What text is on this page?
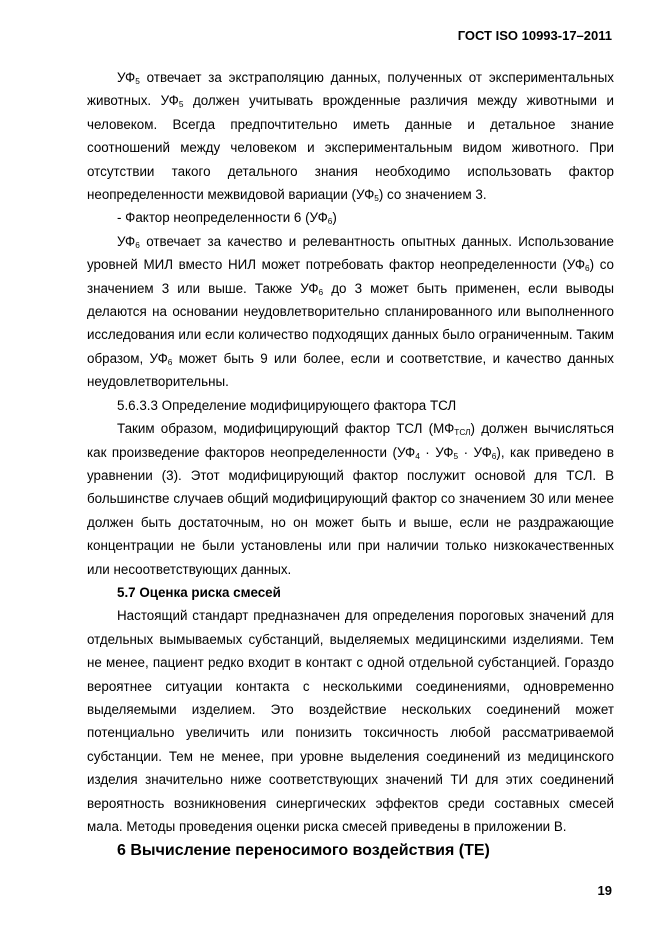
ГОСТ ISO 10993-17–2011

$УФ_5$ отвечает за экстраполяцию данных, полученных от экспериментальных животных. $УФ_5$ должен учитывать врожденные различия между животными и человеком. Всегда предпочтительно иметь данные и детальное знание соотношений между человеком и экспериментальным видом животного. При отсутствии такого детального знания необходимо использовать фактор неопределенности межвидовой вариации $(УФ_5)$ со значением 3.

- Фактор неопределенности 6 $(УФ_6)$

$УФ_6$ отвечает за качество и релевантность опытных данных. Использование уровней МИЛ вместо НИЛ может потребовать фактор неопределенности $(УФ_6)$ со значением 3 или выше. Также $УФ_6$ до 3 может быть применен, если выводы делаются на основании неудовлетворительно спланированного или выполненного исследования или если количество подходящих данных было ограниченным. Таким образом, $УФ_6$ может быть 9 или более, если и соответствие, и качество данных неудовлетворительны.

5.6.3.3 Определение модифицирующего фактора ТСЛ

Таким образом, модифицирующий фактор ТСЛ $(МФ_{ТСЛ})$ должен вычисляться как произведение факторов неопределенности $(УФ_4 \cdot УФ_5 \cdot УФ_6)$, как приведено в уравнении (3). Этот модифицирующий фактор послужит основой для ТСЛ. В большинстве случаев общий модифицирующий фактор со значением 30 или менее должен быть достаточным, но он может быть и выше, если не раздражающие концентрации не были установлены или при наличии только низкокачественных или несоответствующих данных.

5.7 Оценка риска смесей

Настоящий стандарт предназначен для определения пороговых значений для отдельных вымываемых субстанций, выделяемых медицинскими изделиями. Тем не менее, пациент редко входит в контакт с одной отдельной субстанцией. Гораздо вероятнее ситуации контакта с несколькими соединениями, одновременно выделяемыми изделием. Это воздействие нескольких соединений может потенциально увеличить или понизить токсичность любой рассматриваемой субстанции. Тем не менее, при уровне выделения соединений из медицинского изделия значительно ниже соответствующих значений ТИ для этих соединений вероятность возникновения синергических эффектов среди составных смесей мала. Методы проведения оценки риска смесей приведены в приложении В.

6 Вычисление переносимого воздействия (ТЕ)
19
